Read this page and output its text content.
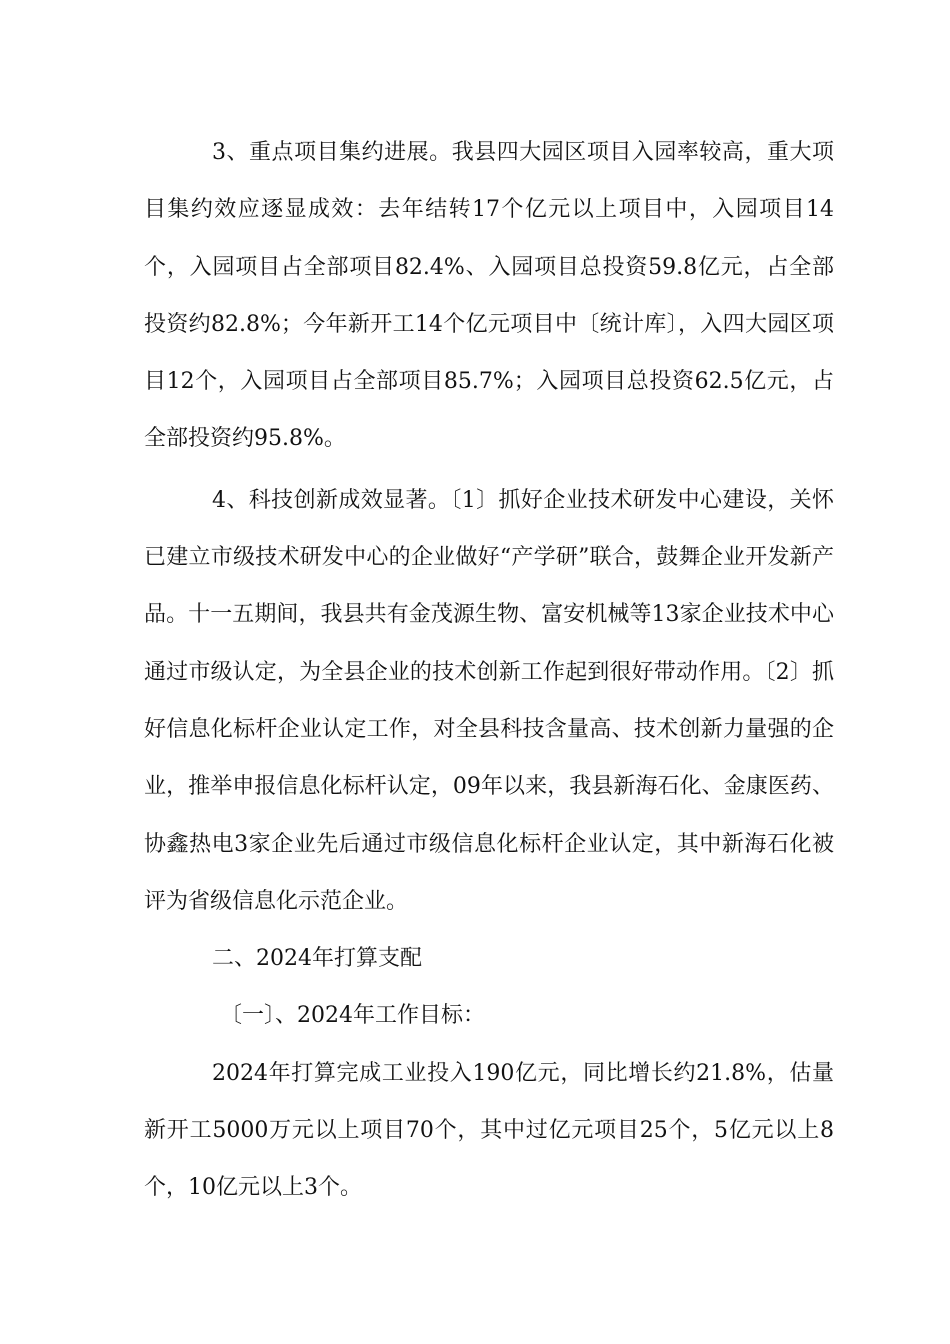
3、重点项目集约进展。我县四大园区项目入园率较高，重大项目集约效应逐显成效：去年结转17个亿元以上项目中，入园项目14个，入园项目占全部项目82.4%、入园项目总投资59.8亿元，占全部投资约82.8%；今年新开工14个亿元项目中〔统计库〕，入四大园区项目12个，入园项目占全部项目85.7%；入园项目总投资62.5亿元，占全部投资约95.8%。

4、科技创新成效显著。〔1〕抓好企业技术研发中心建设，关怀已建立市级技术研发中心的企业做好“产学研”联合，鼓舞企业开发新产品。十一五期间，我县共有金茂源生物、富安机械等13家企业技术中心通过市级认定，为全县企业的技术创新工作起到很好带动作用。〔2〕抓好信息化标杆企业认定工作，对全县科技含量高、技术创新力量强的企业，推举申报信息化标杆认定，09年以来，我县新海石化、金康医药、协鑫热电3家企业先后通过市级信息化标杆企业认定，其中新海石化被评为省级信息化示范企业。

二、2024年打算支配

〔一〕、2024年工作目标：

2024年打算完成工业投入190亿元，同比增长约21.8%，估量新开工5000万元以上项目70个，其中过亿元项目25个，5亿元以上8个，10亿元以上3个。
